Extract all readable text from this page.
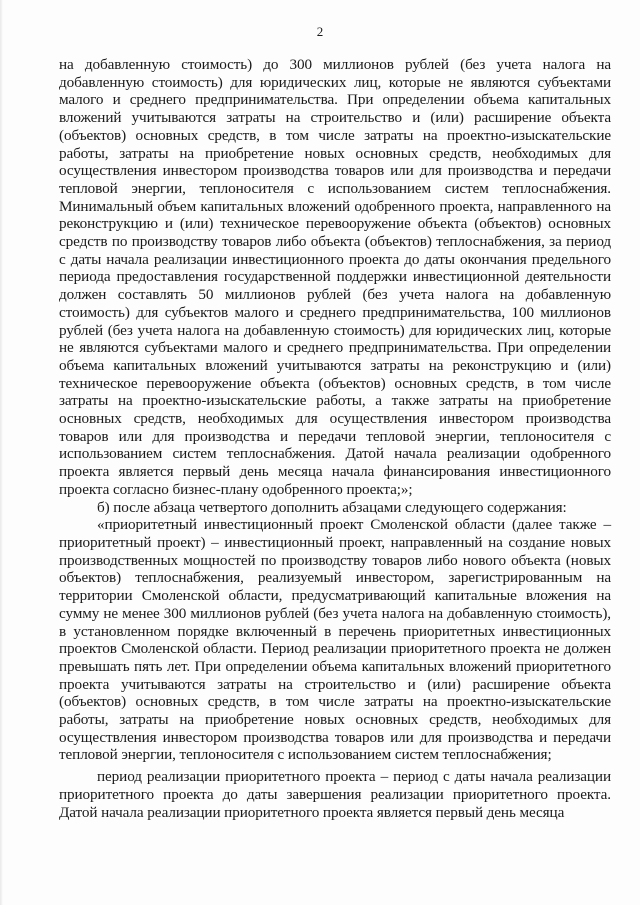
2

на добавленную стоимость) до 300 миллионов рублей (без учета налога на добавленную стоимость) для юридических лиц, которые не являются субъектами малого и среднего предпринимательства. При определении объема капитальных вложений учитываются затраты на строительство и (или) расширение объекта (объектов) основных средств, в том числе затраты на проектно-изыскательские работы, затраты на приобретение новых основных средств, необходимых для осуществления инвестором производства товаров или для производства и передачи тепловой энергии, теплоносителя с использованием систем теплоснабжения. Минимальный объем капитальных вложений одобренного проекта, направленного на реконструкцию и (или) техническое перевооружение объекта (объектов) основных средств по производству товаров либо объекта (объектов) теплоснабжения, за период с даты начала реализации инвестиционного проекта до даты окончания предельного периода предоставления государственной поддержки инвестиционной деятельности должен составлять 50 миллионов рублей (без учета налога на добавленную стоимость) для субъектов малого и среднего предпринимательства, 100 миллионов рублей (без учета налога на добавленную стоимость) для юридических лиц, которые не являются субъектами малого и среднего предпринимательства. При определении объема капитальных вложений учитываются затраты на реконструкцию и (или) техническое перевооружение объекта (объектов) основных средств, в том числе затраты на проектно-изыскательские работы, а также затраты на приобретение основных средств, необходимых для осуществления инвестором производства товаров или для производства и передачи тепловой энергии, теплоносителя с использованием систем теплоснабжения. Датой начала реализации одобренного проекта является первый день месяца начала финансирования инвестиционного проекта согласно бизнес-плану одобренного проекта;»;

б) после абзаца четвертого дополнить абзацами следующего содержания:

«приоритетный инвестиционный проект Смоленской области (далее также – приоритетный проект) – инвестиционный проект, направленный на создание новых производственных мощностей по производству товаров либо нового объекта (новых объектов) теплоснабжения, реализуемый инвестором, зарегистрированным на территории Смоленской области, предусматривающий капитальные вложения на сумму не менее 300 миллионов рублей (без учета налога на добавленную стоимость), в установленном порядке включенный в перечень приоритетных инвестиционных проектов Смоленской области. Период реализации приоритетного проекта не должен превышать пять лет. При определении объема капитальных вложений приоритетного проекта учитываются затраты на строительство и (или) расширение объекта (объектов) основных средств, в том числе затраты на проектно-изыскательские работы, затраты на приобретение новых основных средств, необходимых для осуществления инвестором производства товаров или для производства и передачи тепловой энергии, теплоносителя с использованием систем теплоснабжения;

период реализации приоритетного проекта – период с даты начала реализации приоритетного проекта до даты завершения реализации приоритетного проекта. Датой начала реализации приоритетного проекта является первый день месяца
